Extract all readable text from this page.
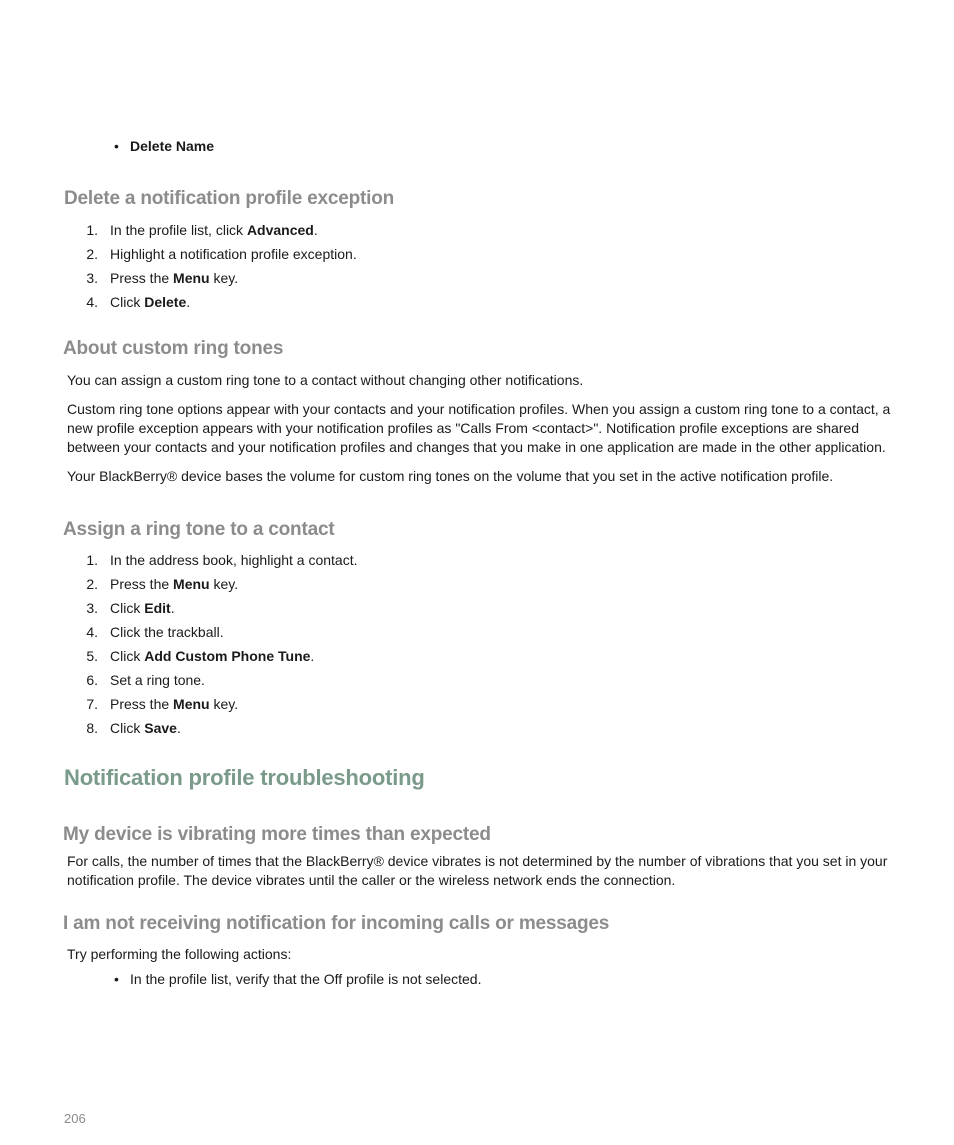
• Delete Name
Delete a notification profile exception
1. In the profile list, click Advanced.
2. Highlight a notification profile exception.
3. Press the Menu key.
4. Click Delete.
About custom ring tones

You can assign a custom ring tone to a contact without changing other notifications.

Custom ring tone options appear with your contacts and your notification profiles. When you assign a custom ring tone to a contact, a new profile exception appears with your notification profiles as "Calls From <contact>". Notification profile exceptions are shared between your contacts and your notification profiles and changes that you make in one application are made in the other application.

Your BlackBerry® device bases the volume for custom ring tones on the volume that you set in the active notification profile.

Assign a ring tone to a contact
1. In the address book, highlight a contact.
2. Press the Menu key.
3. Click Edit.
4. Click the trackball.
5. Click Add Custom Phone Tune.
6. Set a ring tone.
7. Press the Menu key.
8. Click Save.
Notification profile troubleshooting
My device is vibrating more times than expected

For calls, the number of times that the BlackBerry® device vibrates is not determined by the number of vibrations that you set in your notification profile. The device vibrates until the caller or the wireless network ends the connection.

I am not receiving notification for incoming calls or messages

Try performing the following actions:

• In the profile list, verify that the Off profile is not selected.
206
